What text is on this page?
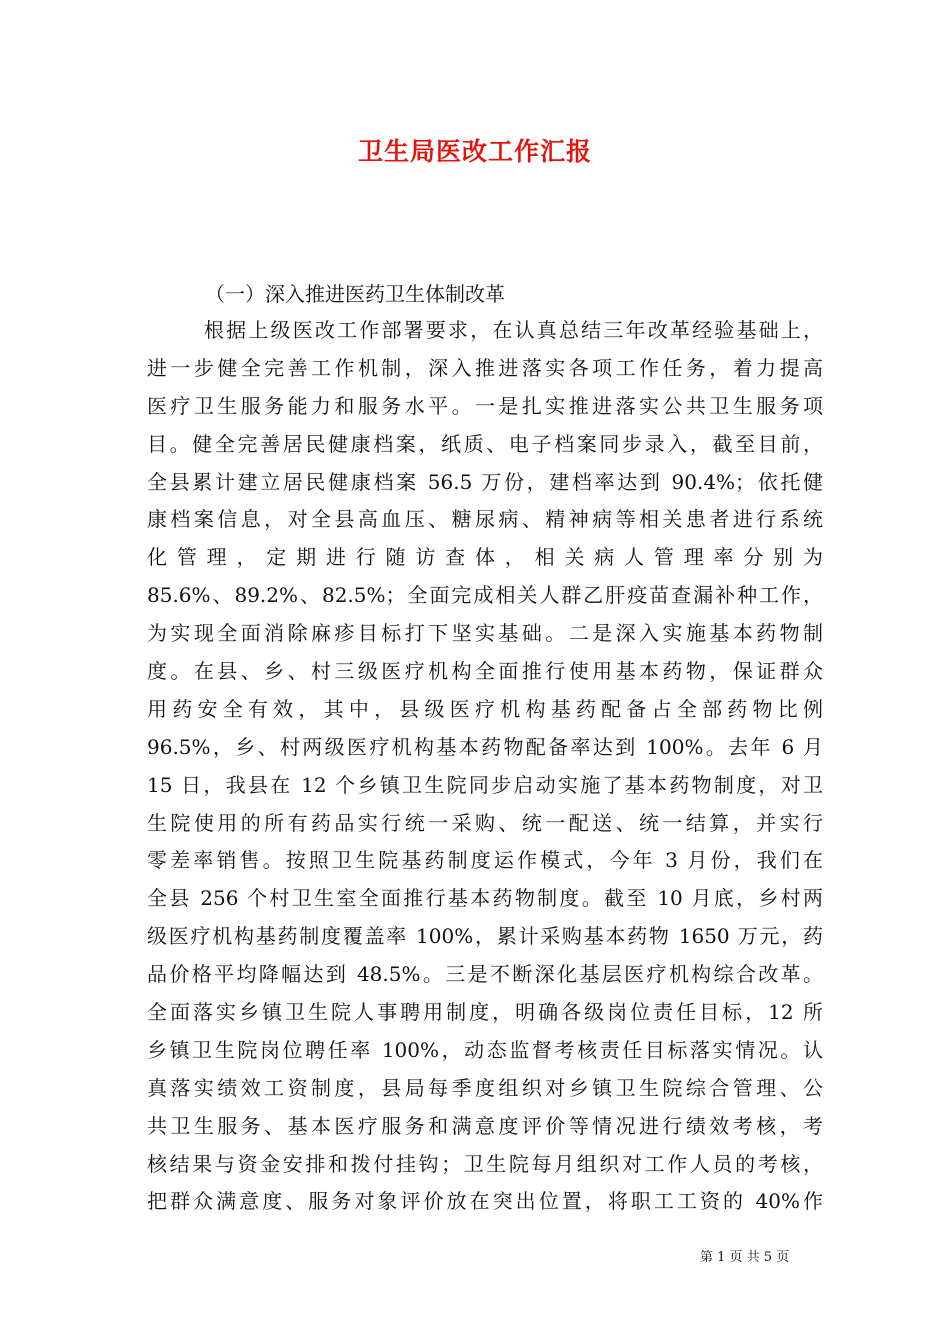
卫生局医改工作汇报

（一）深入推进医药卫生体制改革

根据上级医改工作部署要求，在认真总结三年改革经验基础上，
进一步健全完善工作机制，深入推进落实各项工作任务，着力提高
医疗卫生服务能力和服务水平。一是扎实推进落实公共卫生服务项
目。健全完善居民健康档案，纸质、电子档案同步录入，截至目前，
全县累计建立居民健康档案 56.5 万份，建档率达到 90.4%；依托健
康档案信息，对全县高血压、糖尿病、精神病等相关患者进行系统
化 管 理 ， 定 期 进 行 随 访 查 体 ， 相 关 病 人 管 理 率 分 别 为
85.6%、89.2%、82.5%；全面完成相关人群乙肝疫苗查漏补种工作，
为实现全面消除麻疹目标打下坚实基础。二是深入实施基本药物制
度。在县、乡、村三级医疗机构全面推行使用基本药物，保证群众
用药安全有效，其中，县级医疗机构基药配备占全部药物比例
96.5%，乡、村两级医疗机构基本药物配备率达到 100%。去年 6 月
15 日，我县在 12 个乡镇卫生院同步启动实施了基本药物制度，对卫
生院使用的所有药品实行统一采购、统一配送、统一结算，并实行
零差率销售。按照卫生院基药制度运作模式，今年 3 月份，我们在
全县 256 个村卫生室全面推行基本药物制度。截至 10 月底，乡村两
级医疗机构基药制度覆盖率 100%，累计采购基本药物 1650 万元，药
品价格平均降幅达到 48.5%。三是不断深化基层医疗机构综合改革。
全面落实乡镇卫生院人事聘用制度，明确各级岗位责任目标，12 所
乡镇卫生院岗位聘任率 100%，动态监督考核责任目标落实情况。认
真落实绩效工资制度，县局每季度组织对乡镇卫生院综合管理、公
共卫生服务、基本医疗服务和满意度评价等情况进行绩效考核，考
核结果与资金安排和拨付挂钩；卫生院每月组织对工作人员的考核，
把群众满意度、服务对象评价放在突出位置，将职工工资的 40%作
第 1 页 共 5 页
